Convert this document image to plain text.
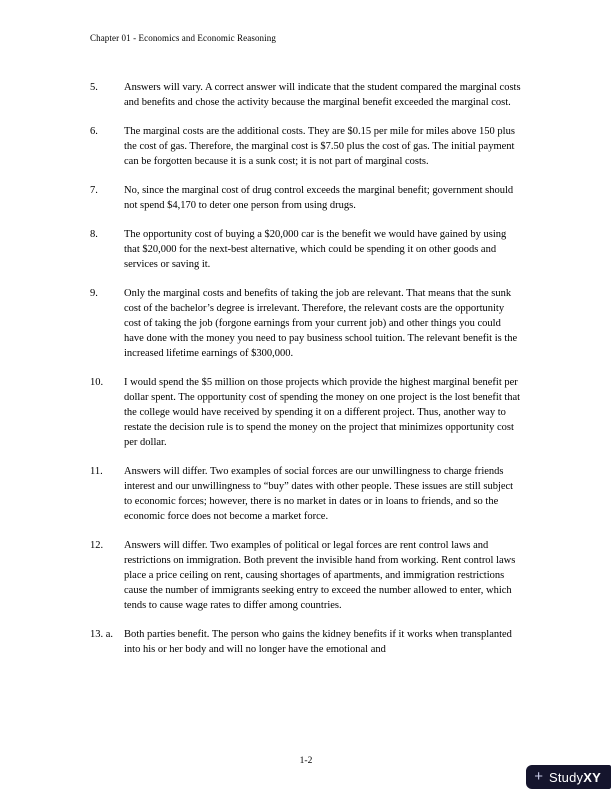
Chapter 01 - Economics and Economic Reasoning
5.	Answers will vary. A correct answer will indicate that the student compared the marginal costs and benefits and chose the activity because the marginal benefit exceeded the marginal cost.
6.	The marginal costs are the additional costs. They are $0.15 per mile for miles above 150 plus the cost of gas. Therefore, the marginal cost is $7.50 plus the cost of gas. The initial payment can be forgotten because it is a sunk cost; it is not part of marginal costs.
7.	No, since the marginal cost of drug control exceeds the marginal benefit; government should not spend $4,170 to deter one person from using drugs.
8.	The opportunity cost of buying a $20,000 car is the benefit we would have gained by using that $20,000 for the next-best alternative, which could be spending it on other goods and services or saving it.
9.	Only the marginal costs and benefits of taking the job are relevant. That means that the sunk cost of the bachelor’s degree is irrelevant. Therefore, the relevant costs are the opportunity cost of taking the job (forgone earnings from your current job) and other things you could have done with the money you need to pay business school tuition. The relevant benefit is the increased lifetime earnings of $300,000.
10.	I would spend the $5 million on those projects which provide the highest marginal benefit per dollar spent. The opportunity cost of spending the money on one project is the lost benefit that the college would have received by spending it on a different project. Thus, another way to restate the decision rule is to spend the money on the project that minimizes opportunity cost per dollar.
11.	Answers will differ. Two examples of social forces are our unwillingness to charge friends interest and our unwillingness to “buy” dates with other people. These issues are still subject to economic forces; however, there is no market in dates or in loans to friends, and so the economic force does not become a market force.
12.	Answers will differ. Two examples of political or legal forces are rent control laws and restrictions on immigration. Both prevent the invisible hand from working. Rent control laws place a price ceiling on rent, causing shortages of apartments, and immigration restrictions cause the number of immigrants seeking entry to exceed the number allowed to enter, which tends to cause wage rates to differ among countries.
13. a.	Both parties benefit. The person who gains the kidney benefits if it works when transplanted into his or her body and will no longer have the emotional and
1-2
+ StudyXY
